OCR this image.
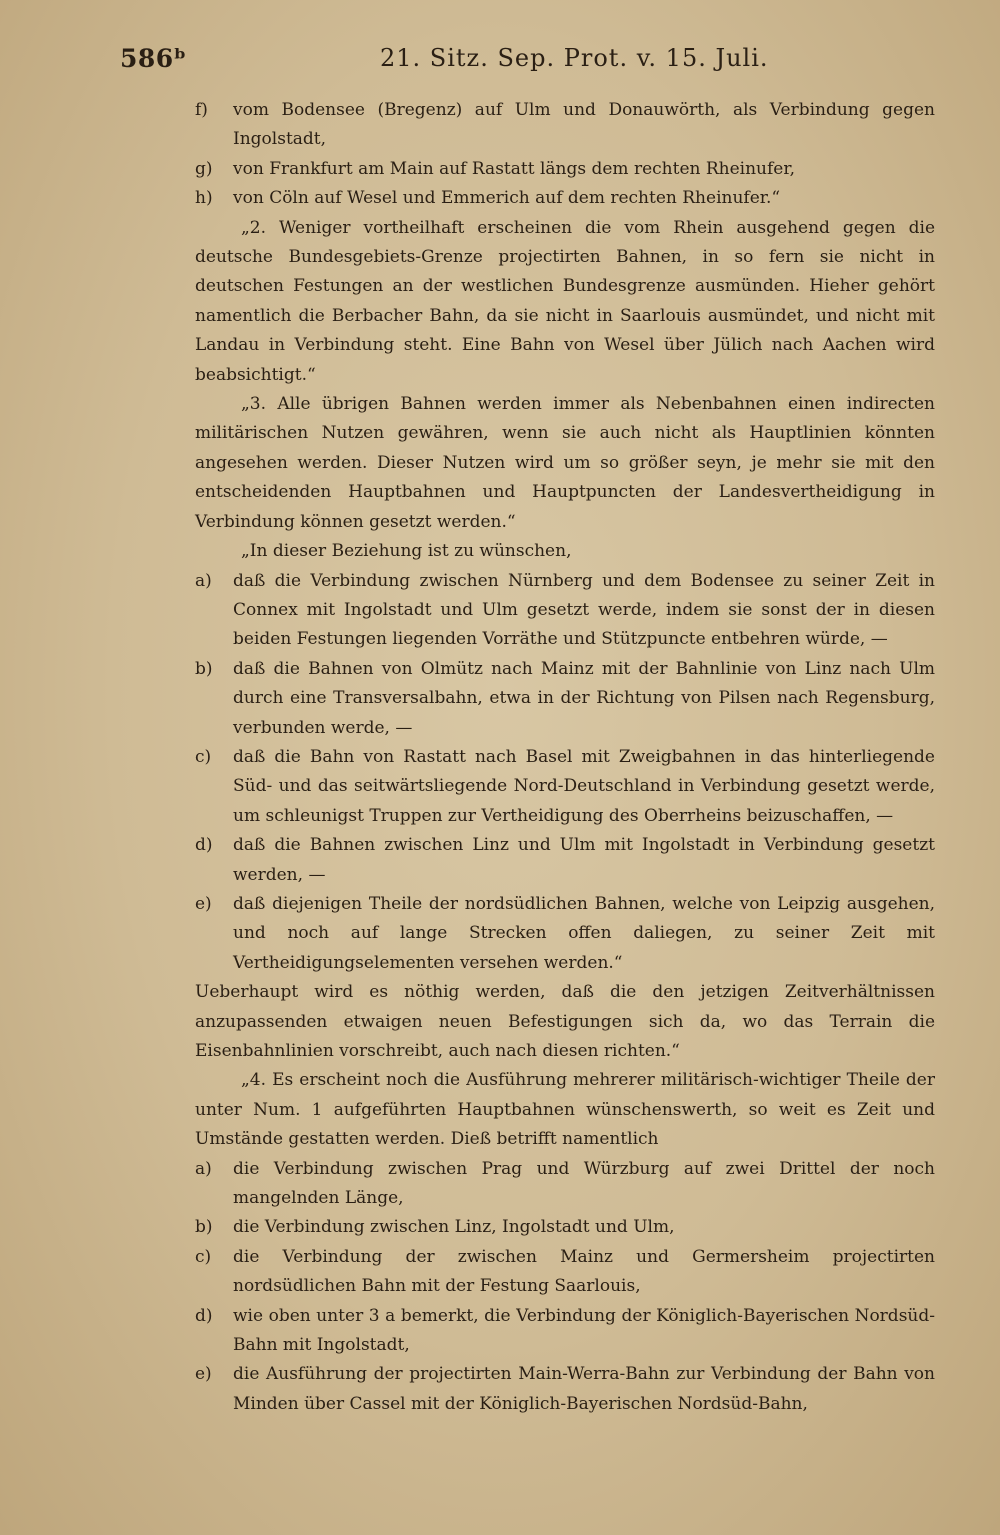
586ᵇ	21. Sitz. Sep. Prot. v. 15. Juli.
f)	vom Bodensee (Bregenz) auf Ulm und Donauwörth, als Verbindung gegen Ingolstadt,
g)	von Frankfurt am Main auf Rastatt längs dem rechten Rheinufer,
h)	von Cöln auf Wesel und Emmerich auf dem rechten Rheinufer.“

„2. Weniger vortheilhaft erscheinen die vom Rhein ausgehend gegen die deutsche Bundesgebiets-Grenze projectirten Bahnen, in so fern sie nicht in deutschen Festungen an der westlichen Bundesgrenze ausmünden. Hieher gehört namentlich die Berbacher Bahn, da sie nicht in Saarlouis ausmündet, und nicht mit Landau in Verbindung steht. Eine Bahn von Wesel über Jülich nach Aachen wird beabsichtigt.“

„3. Alle übrigen Bahnen werden immer als Nebenbahnen einen indirecten militärischen Nutzen gewähren, wenn sie auch nicht als Hauptlinien könnten angesehen werden. Dieser Nutzen wird um so größer seyn, je mehr sie mit den entscheidenden Hauptbahnen und Hauptpuncten der Landesvertheidigung in Verbindung können gesetzt werden.“

„In dieser Beziehung ist zu wünschen,

a)	daß die Verbindung zwischen Nürnberg und dem Bodensee zu seiner Zeit in Connex mit Ingolstadt und Ulm gesetzt werde, indem sie sonst der in diesen beiden Festungen liegenden Vorräthe und Stützpuncte entbehren würde, —
b)	daß die Bahnen von Olmütz nach Mainz mit der Bahnlinie von Linz nach Ulm durch eine Transversalbahn, etwa in der Richtung von Pilsen nach Regensburg, verbunden werde, —
c)	daß die Bahn von Rastatt nach Basel mit Zweigbahnen in das hinterliegende Süd- und das seitwärtsliegende Nord-Deutschland in Verbindung gesetzt werde, um schleunigst Truppen zur Vertheidigung des Oberrheins beizuschaffen, —
d)	daß die Bahnen zwischen Linz und Ulm mit Ingolstadt in Verbindung gesetzt werden, —
e)	daß diejenigen Theile der nordsüdlichen Bahnen, welche von Leipzig ausgehen, und noch auf lange Strecken offen daliegen, zu seiner Zeit mit Vertheidigungselementen versehen werden.“

Ueberhaupt wird es nöthig werden, daß die den jetzigen Zeitverhältnissen anzupassenden etwaigen neuen Befestigungen sich da, wo das Terrain die Eisenbahnlinien vorschreibt, auch nach diesen richten.“

„4. Es erscheint noch die Ausführung mehrerer militärisch-wichtiger Theile der unter Num. 1 aufgeführten Hauptbahnen wünschenswerth, so weit es Zeit und Umstände gestatten werden. Dieß betrifft namentlich

a)	die Verbindung zwischen Prag und Würzburg auf zwei Drittel der noch mangelnden Länge,
b)	die Verbindung zwischen Linz, Ingolstadt und Ulm,
c)	die Verbindung der zwischen Mainz und Germersheim projectirten nordsüdlichen Bahn mit der Festung Saarlouis,
d)	wie oben unter 3 a bemerkt, die Verbindung der Königlich-Bayerischen Nordsüd-Bahn mit Ingolstadt,
e)	die Ausführung der projectirten Main-Werra-Bahn zur Verbindung der Bahn von Minden über Cassel mit der Königlich-Bayerischen Nordsüd-Bahn,
